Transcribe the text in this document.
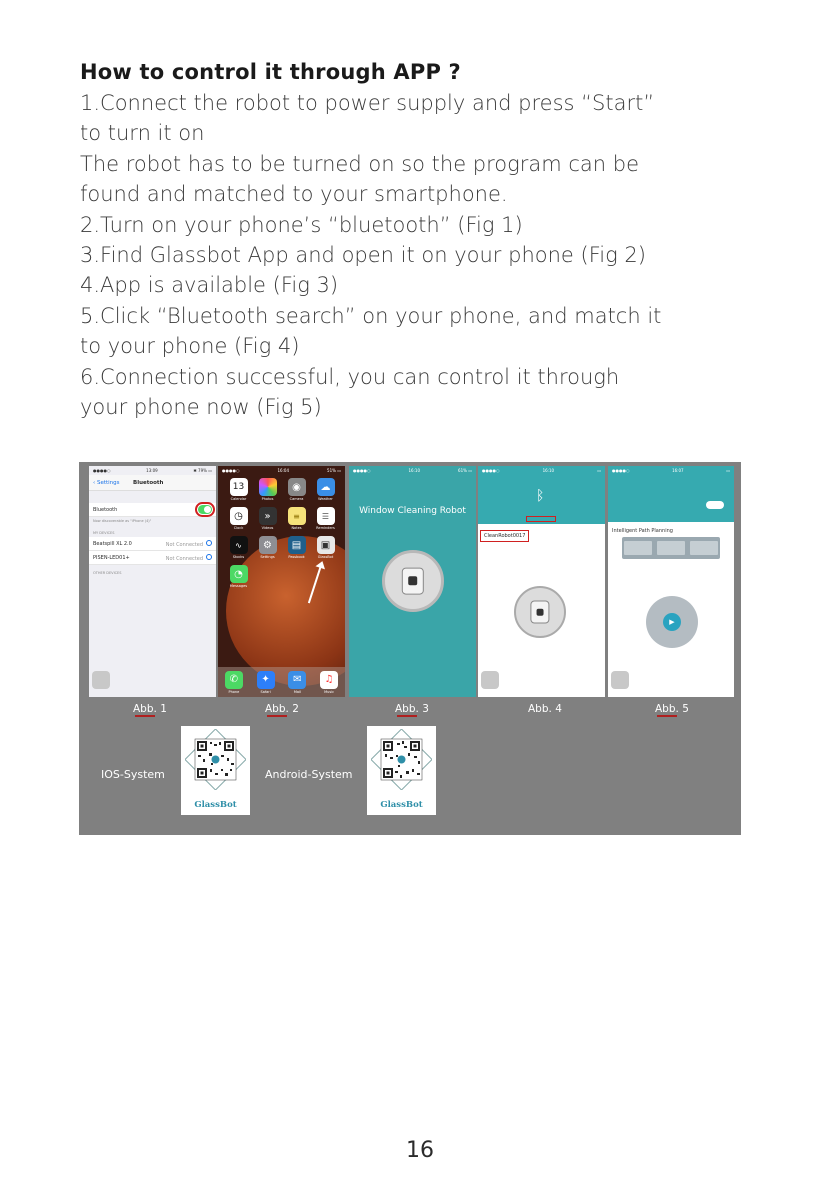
How to control it through APP ?
1.Connect the robot to power supply and press “Start”
to turn it on
The robot has to be turned on so the program can be
found and matched to your smartphone.
2.Turn on your phone’s “bluetooth” (Fig 1)
3.Find Glassbot App and open it on your phone (Fig 2)
4.App is available (Fig 3)
5.Click “Bluetooth search” on your phone, and match it
to your phone (Fig 4)
6.Connection successful, you can control it through
your phone now (Fig 5)
●●●●○	13:09	✱ 79% ▭
‹ Settings	Bluetooth
Bluetooth
Now discoverable as "iPhone (4)"
MY DEVICES
Beatspill XL 2.0	Not Connected
PISEN-LED01+	Not Connected
OTHER DEVICES
●●●●○	16:04	51% ▭
13
Calendar	Photos
◉
Camera
☁
Weather
◷
Clock
»
Videos
≡
Notes
☰
Reminders
∿
Stocks
⚙
Settings
▤
Passbook
▣
GlassBot
◔
Messages
✆
Phone
✦
Safari
✉
Mail
♫
Music
●●●●○	16:10	61% ▭
Window Cleaning Robot
●●●●○	16:10	▭
ᛒ
CleanRobot0017
●●●●○	16:07	▭
Intelligent Path Planning
▶
Abb. 1	Abb. 2	Abb. 3	Abb. 4	Abb. 5
IOS-System
GlassBot
Android-System
GlassBot
16
